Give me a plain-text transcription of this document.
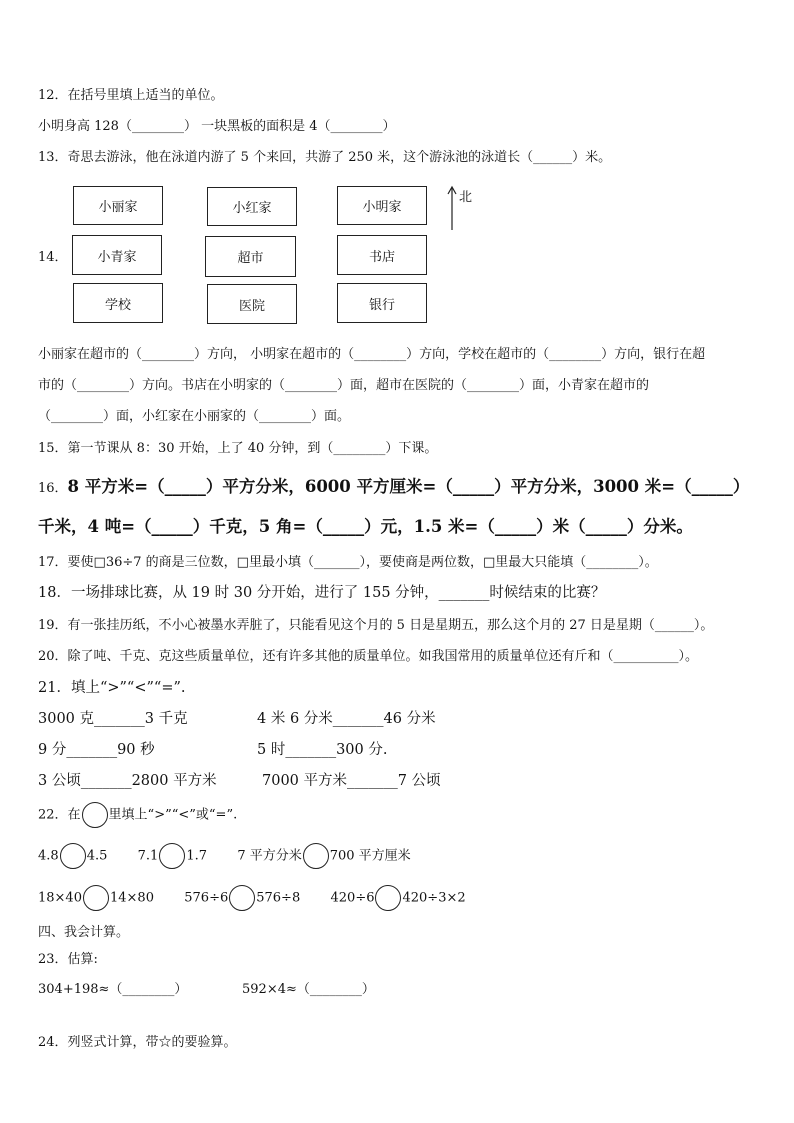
12．在括号里填上适当的单位。
小明身高 128（________） 一块黑板的面积是 4（________）
13．奇思去游泳，他在泳道内游了 5 个来回，共游了 250 米，这个游泳池的泳道长（______）米。
14．
小丽家	小红家	小明家
小青家	超市	书店
学校	医院	银行
北
小丽家在超市的（________）方向， 小明家在超市的（________）方向，学校在超市的（________）方向，银行在超
市的（________）方向。书店在小明家的（________）面，超市在医院的（________）面，小青家在超市的
（________）面，小红家在小丽家的（________）面。
15．第一节课从 8：30 开始，上了 40 分钟，到（________）下课。
16．8 平方米=（_____）平方分米，6000 平方厘米=（_____）平方分米，3000 米=（_____）
千米，4 吨=（_____）千克，5 角=（_____）元，1.5 米=（_____）米（_____）分米。
17．要使□36÷7 的商是三位数，□里最小填（_______），要使商是两位数，□里最大只能填（________）。
18．一场排球比赛，从 19 时 30 分开始，进行了 155 分钟，_______时候结束的比赛？
19．有一张挂历纸，不小心被墨水弄脏了，只能看见这个月的 5 日是星期五，那么这个月的 27 日是星期（______）。
20．除了吨、千克、克这些质量单位，还有许多其他的质量单位。如我国常用的质量单位还有斤和（__________）。
21．填上“>”“<”“=”.
3000 克_______3 千克	4 米 6 分米_______46 分米
9 分_______90 秒	5 时_______300 分.
3 公顷_______2800 平方米	7000 平方米_______7 公顷
22．在 里填上“>”“<”或“=”.
4.8 4.5 7.1 1.7 7 平方分米 700 平方厘米
18×40 14×80 576÷6 576÷8 420÷6 420÷3×2
四、我会计算。
23．估算:
304+198≈（________）	592×4≈（________）
24．列竖式计算，带☆的要验算。
